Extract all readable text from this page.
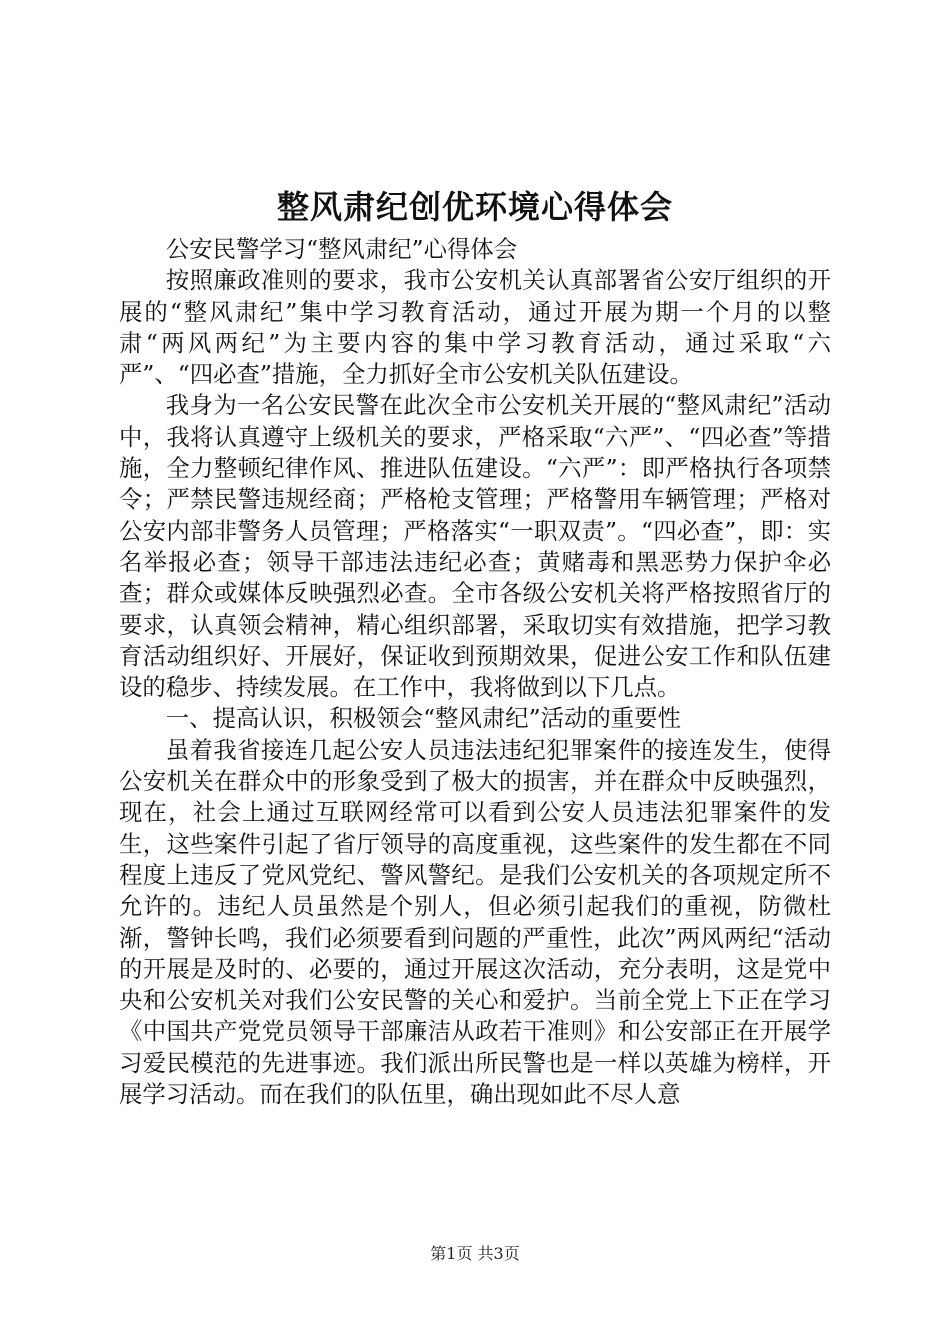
整风肃纪创优环境心得体会

公安民警学习“整风肃纪”心得体会

按照廉政准则的要求，我市公安机关认真部署省公安厅组织的开展的“整风肃纪”集中学习教育活动，通过开展为期一个月的以整肃“两风两纪”为主要内容的集中学习教育活动，通过采取“六严”、“四必查”措施，全力抓好全市公安机关队伍建设。

我身为一名公安民警在此次全市公安机关开展的“整风肃纪”活动中，我将认真遵守上级机关的要求，严格采取“六严”、“四必查”等措施，全力整顿纪律作风、推进队伍建设。“六严”：即严格执行各项禁令；严禁民警违规经商；严格枪支管理；严格警用车辆管理；严格对公安内部非警务人员管理；严格落实“一职双责”。“四必查”，即：实名举报必查；领导干部违法违纪必查；黄赌毒和黑恶势力保护伞必查；群众或媒体反映强烈必查。全市各级公安机关将严格按照省厅的要求，认真领会精神，精心组织部署，采取切实有效措施，把学习教育活动组织好、开展好，保证收到预期效果，促进公安工作和队伍建设的稳步、持续发展。在工作中，我将做到以下几点。

一、提高认识，积极领会“整风肃纪”活动的重要性

虽着我省接连几起公安人员违法违纪犯罪案件的接连发生，使得公安机关在群众中的形象受到了极大的损害，并在群众中反映强烈，现在，社会上通过互联网经常可以看到公安人员违法犯罪案件的发生，这些案件引起了省厅领导的高度重视，这些案件的发生都在不同程度上违反了党风党纪、警风警纪。是我们公安机关的各项规定所不允许的。违纪人员虽然是个别人，但必须引起我们的重视，防微杜渐，警钟长鸣，我们必须要看到问题的严重性，此次”两风两纪“活动的开展是及时的、必要的，通过开展这次活动，充分表明，这是党中央和公安机关对我们公安民警的关心和爱护。当前全党上下正在学习《中国共产党党员领导干部廉洁从政若干准则》和公安部正在开展学习爱民模范的先进事迹。我们派出所民警也是一样以英雄为榜样，开展学习活动。而在我们的队伍里，确出现如此不尽人意

第1页 共3页
